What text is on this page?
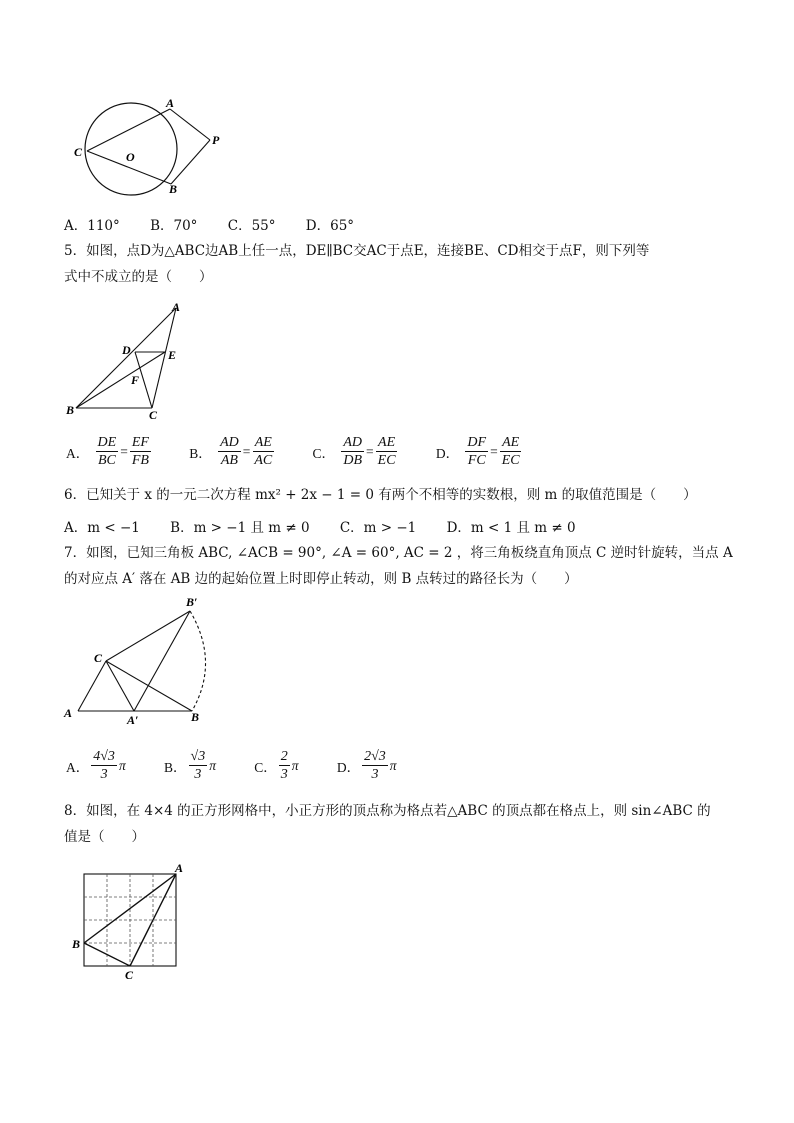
A
P
C	O
B
A．110° B．70° C．55° D．65°
5．如图，点D为△ABC边AB上任一点，DE∥BC交AC于点E，连接BE、CD相交于点F，则下列等
式中不成立的是（　　）
A
D	E
F
B	C
A． $\frac{DE}{BC} = \frac{EF}{FB}$	B． $\frac{AD}{AB} = \frac{AE}{AC}$	C． $\frac{AD}{DB} = \frac{AE}{EC}$	D． $\frac{DF}{FC} = \frac{AE}{EC}$
6．已知关于 x 的一元二次方程 mx² + 2x − 1 = 0 有两个不相等的实数根，则 m 的取值范围是（　　）
A．m < −1 B．m > −1 且 m ≠ 0 C．m > −1 D．m < 1 且 m ≠ 0
7．如图，已知三角板 ABC, ∠ACB = 90°, ∠A = 60°, AC = 2 ，将三角板绕直角顶点 C 逆时针旋转，当点 A
的对应点 A′ 落在 AB 边的起始位置上时即停止转动，则 B 点转过的路径长为（　　）
B′
C
A	A′	B
A． $\frac{4√3}{3}$ π	B． $\frac{√3}{3}$ π	C． $\frac{2}{3}$ π	D． $\frac{2√3}{3}$ π
8．如图，在 4×4 的正方形网格中，小正方形的顶点称为格点若△ABC 的顶点都在格点上，则 sin∠ABC 的
值是（　　）
A
B
C
